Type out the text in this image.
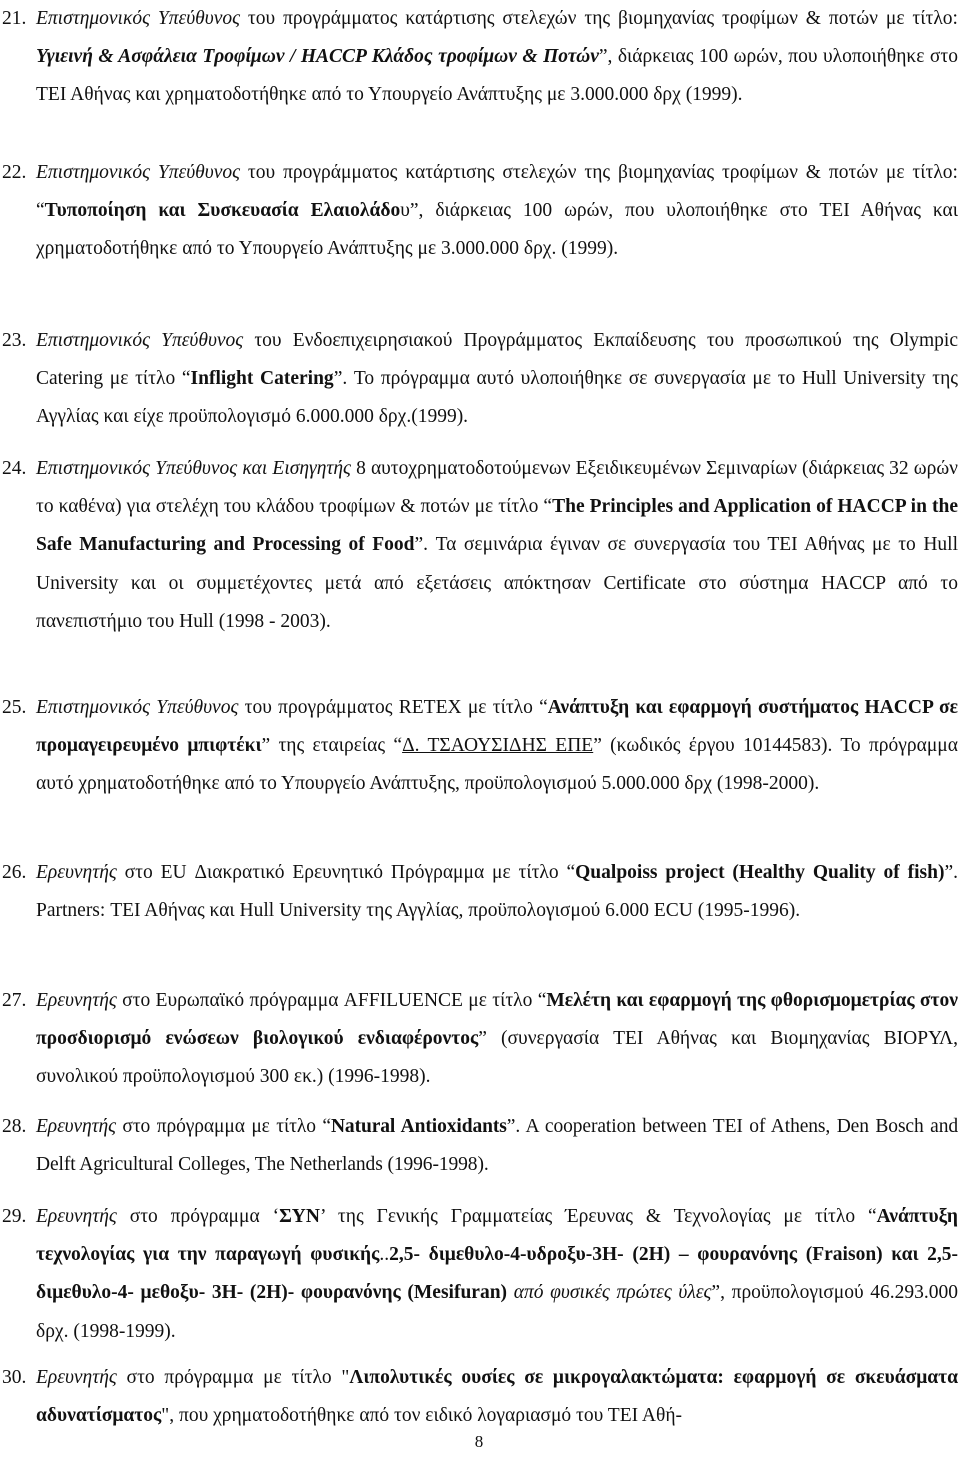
21. Επιστημονικός Υπεύθυνος του προγράμματος κατάρτισης στελεχών της βιομηχανίας τροφίμων & ποτών με τίτλο: Υγιεινή & Ασφάλεια Τροφίμων / HACCP Κλάδος τροφίμων & Ποτών”, διάρκειας 100 ωρών, που υλοποιήθηκε στο ΤΕΙ Αθήνας και χρηματοδοτήθηκε από το Υπουργείο Ανάπτυξης με 3.000.000 δρχ (1999).
22. Επιστημονικός Υπεύθυνος του προγράμματος κατάρτισης στελεχών της βιομηχανίας τροφίμων & ποτών με τίτλο: “Τυποποίηση και Συσκευασία Ελαιολάδου”, διάρκειας 100 ωρών, που υλοποιήθηκε στο ΤΕΙ Αθήνας και χρηματοδοτήθηκε από το Υπουργείο Ανάπτυξης με 3.000.000 δρχ. (1999).
23. Επιστημονικός Υπεύθυνος του Ενδοεπιχειρησιακού Προγράμματος Εκπαίδευσης του προσωπικού της Olympic Catering με τίτλο “Inflight Catering”. Το πρόγραμμα αυτό υλοποιήθηκε σε συνεργασία με το Hull University της Αγγλίας και είχε προϋπολογισμό 6.000.000 δρχ.(1999).
24. Επιστημονικός Υπεύθυνος και Εισηγητής 8 αυτοχρηματοδοτούμενων Εξειδικευμένων Σεμιναρίων (διάρκειας 32 ωρών το καθένα) για στελέχη του κλάδου τροφίμων & ποτών με τίτλο “The Principles and Application of HACCP in the Safe Manufacturing and Processing of Food”. Τα σεμινάρια έγιναν σε συνεργασία του ΤΕΙ Αθήνας με το Hull University και οι συμμετέχοντες μετά από εξετάσεις απόκτησαν Certificate στο σύστημα HACCP από το πανεπιστήμιο του Hull (1998 - 2003).
25. Επιστημονικός Υπεύθυνος του προγράμματος RETEX με τίτλο “Ανάπτυξη και εφαρμογή συστήματος HACCP σε προμαγειρευμένο μπιφτέκι” της εταιρείας “Δ. ΤΣΑΟΥΣΙΔΗΣ ΕΠΕ” (κωδικός έργου 10144583). Το πρόγραμμα αυτό χρηματοδοτήθηκε από το Υπουργείο Ανάπτυξης, προϋπολογισμού 5.000.000 δρχ (1998-2000).
26. Ερευνητής στο EU Διακρατικό Ερευνητικό Πρόγραμμα με τίτλο “Qualpoiss project (Healthy Quality of fish)”. Partners: ΤΕΙ Αθήνας και Hull University της Αγγλίας, προϋπολογισμού 6.000 ECU (1995-1996).
27. Ερευνητής στο Ευρωπαϊκό πρόγραμμα AFFILUENCE με τίτλο “Μελέτη και εφαρμογή της φθορισμομετρίας στον προσδιορισμό ενώσεων βιολογικού ενδιαφέροντος” (συνεργασία ΤΕΙ Αθήνας και Βιομηχανίας ΒΙΟΡΥΛ, συνολικού προϋπολογισμού 300 εκ.) (1996-1998).
28. Ερευνητής στο πρόγραμμα με τίτλο “Natural Antioxidants”. A cooperation between TEI of Athens, Den Bosch and Delft Agricultural Colleges, The Netherlands (1996-1998).
29. Ερευνητής στο πρόγραμμα ‘ΣΥΝ’ της Γενικής Γραμματείας Έρευνας & Τεχνολογίας με τίτλο “Ανάπτυξη τεχνολογίας για την παραγωγή φυσικής..2,5- διμεθυλο-4-υδροξυ-3Η- (2Η) – φουρανόνης (Fraison) και 2,5- διμεθυλο-4- μεθοξυ- 3Η- (2Η)- φουρανόνης (Mesifuran) από φυσικές πρώτες ύλες”, προϋπολογισμού 46.293.000 δρχ. (1998-1999).
30. Ερευνητής στο πρόγραμμα με τίτλο "Λιπολυτικές ουσίες σε μικρογαλακτώματα: εφαρμογή σε σκευάσματα αδυνατίσματος", που χρηματοδοτήθηκε από τον ειδικό λογαριασμό του ΤΕΙ Αθή-
8
